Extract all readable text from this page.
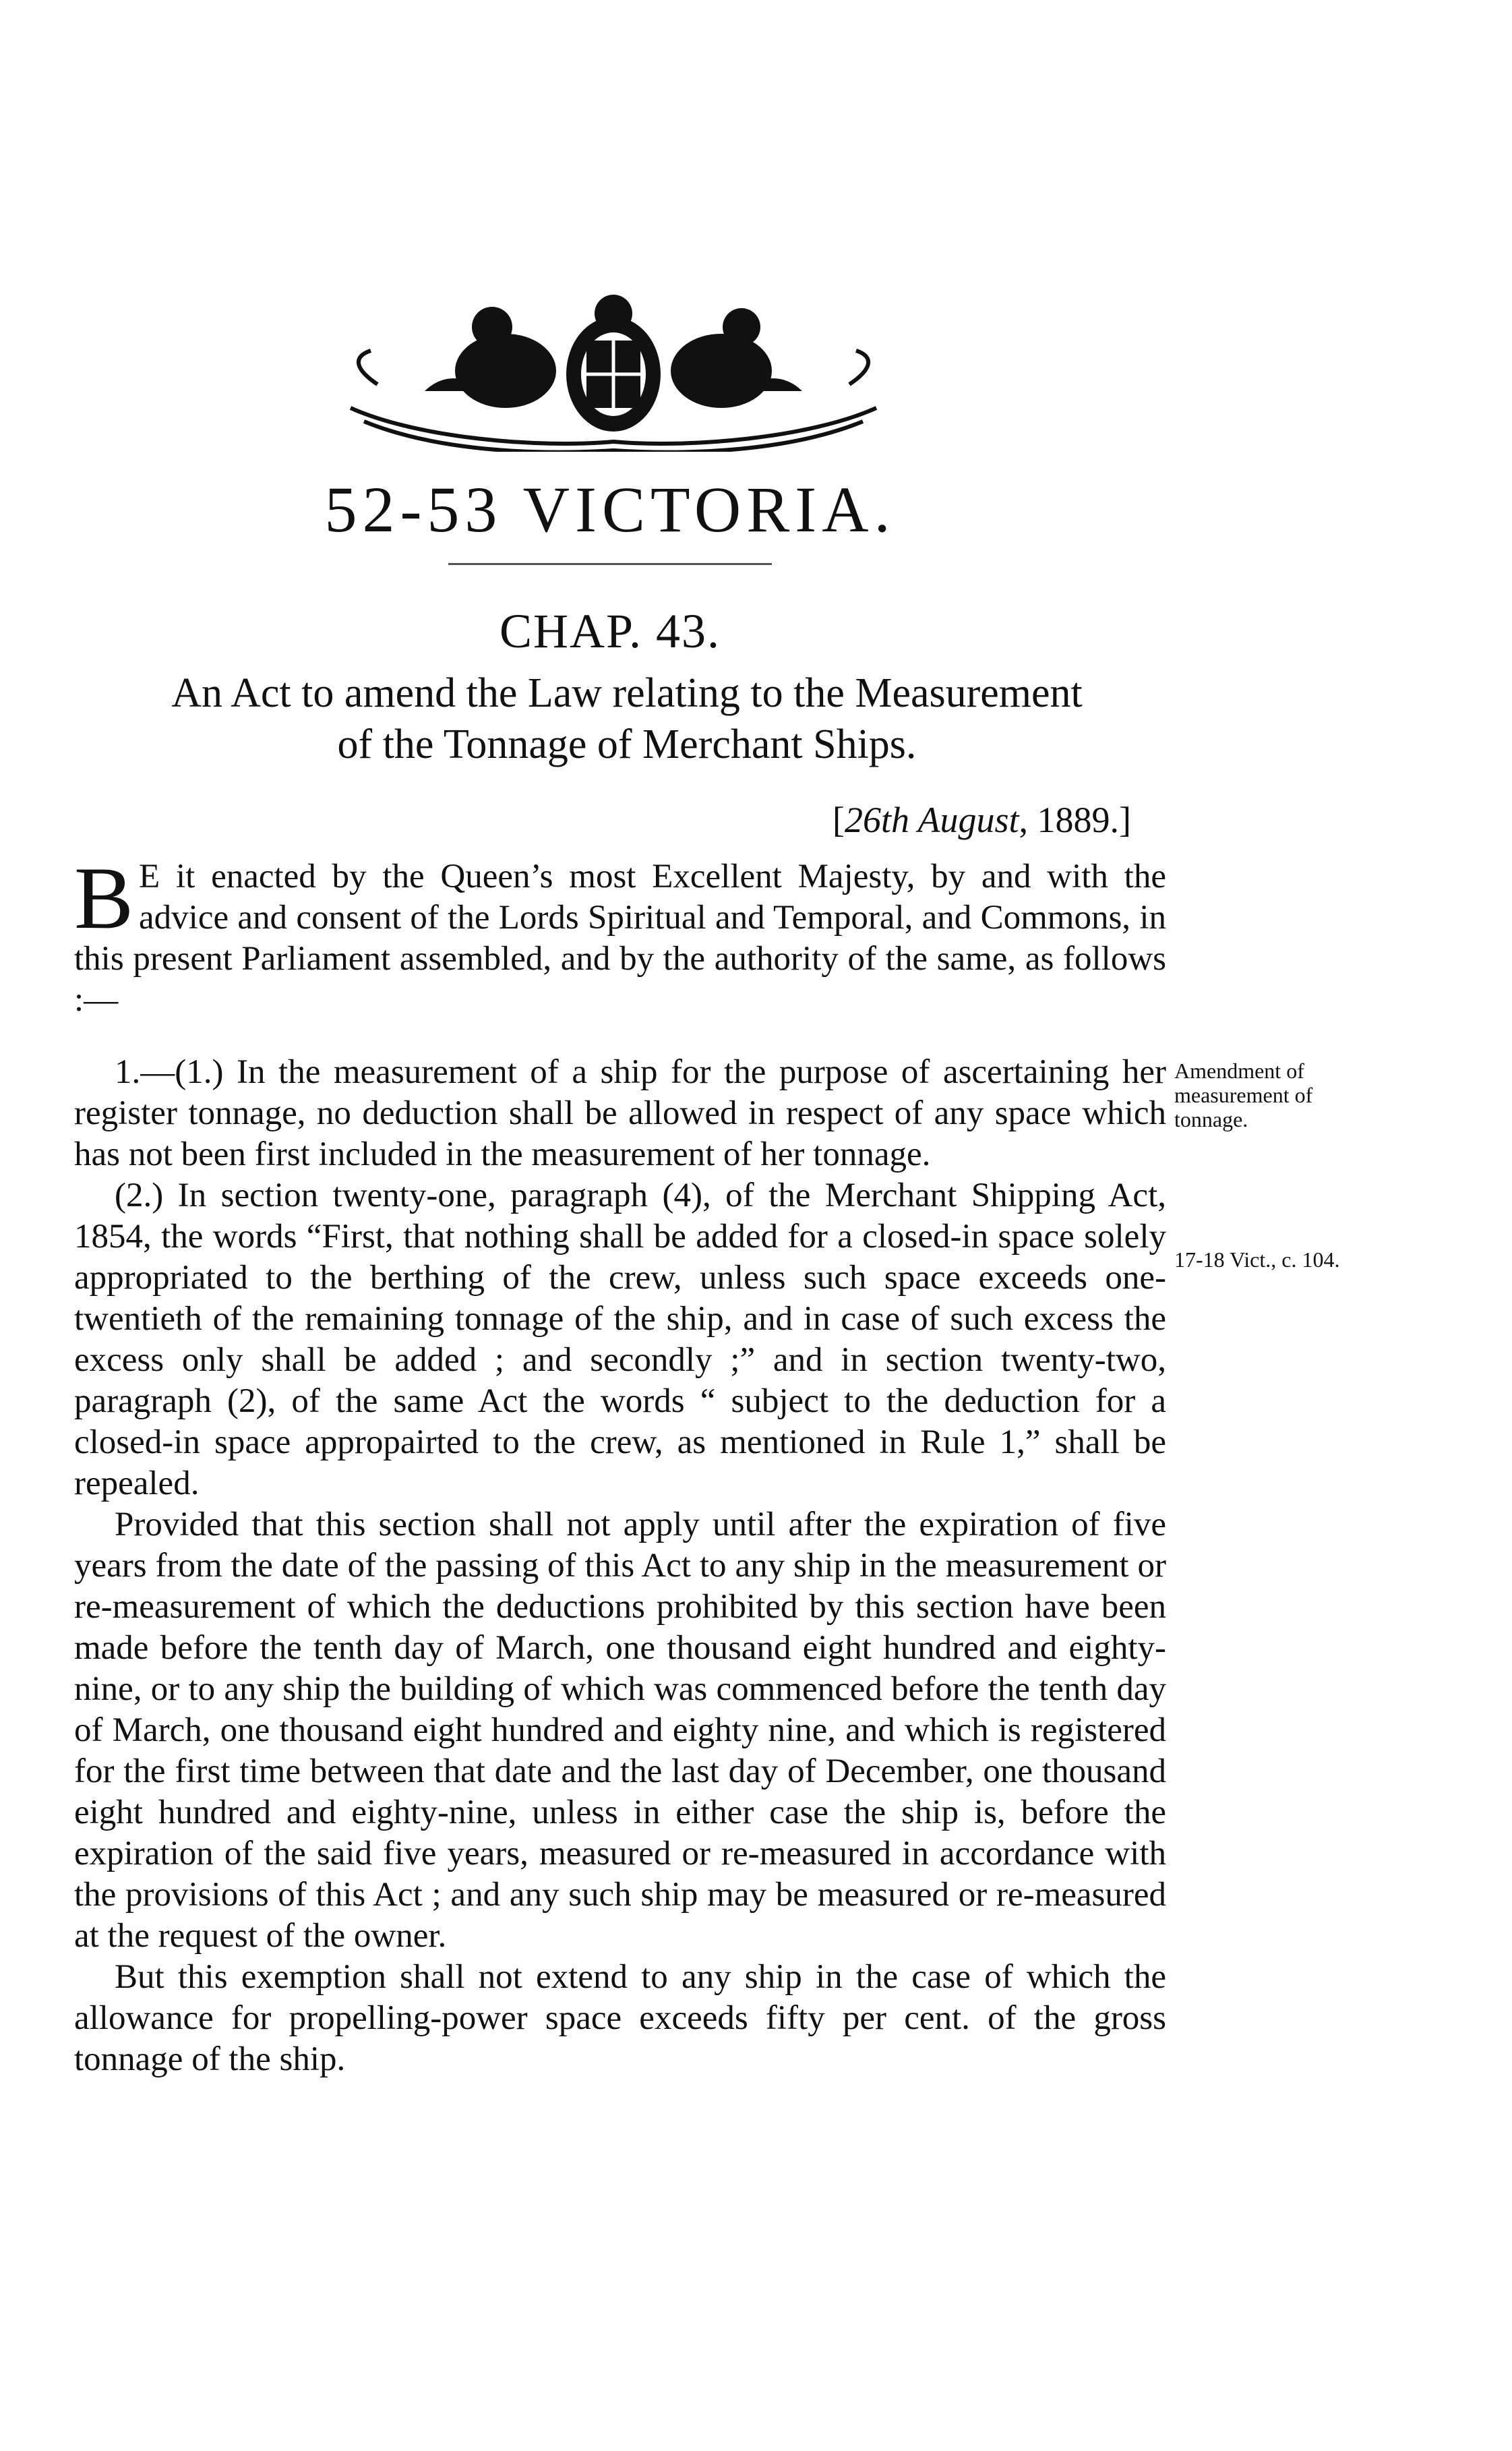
52-53 VICTORIA.
CHAP. 43.
An Act to amend the Law relating to the Measurement
of the Tonnage of Merchant Ships.
[26th August, 1889.]
B E it enacted by the Queen’s most Excellent Majesty, by and with the advice and consent of the Lords Spiritual and Temporal, and Commons, in this present Parliament assembled, and by the authority of the same, as follows :—

1.—(1.) In the measurement of a ship for the purpose of ascertaining her register tonnage, no deduction shall be allowed in respect of any space which has not been first included in the measurement of her tonnage.

(2.) In section twenty-one, paragraph (4), of the Merchant Shipping Act, 1854, the words “First, that nothing shall be added for a closed-in space solely appropriated to the berthing of the crew, unless such space exceeds one-twentieth of the remaining tonnage of the ship, and in case of such excess the excess only shall be added ; and secondly ;” and in section twenty-two, paragraph (2), of the same Act the words “ subject to the deduction for a closed-in space appropairted to the crew, as mentioned in Rule 1,” shall be repealed.

Provided that this section shall not apply until after the expiration of five years from the date of the passing of this Act to any ship in the measurement or re-measurement of which the deductions prohibited by this section have been made before the tenth day of March, one thousand eight hundred and eighty-nine, or to any ship the building of which was commenced before the tenth day of March, one thousand eight hundred and eighty nine, and which is registered for the first time between that date and the last day of December, one thousand eight hundred and eighty-nine, unless in either case the ship is, before the expiration of the said five years, measured or re-measured in accordance with the provisions of this Act ; and any such ship may be measured or re-measured at the request of the owner.

But this exemption shall not extend to any ship in the case of which the allowance for propelling-power space exceeds fifty per cent. of the gross tonnage of the ship.

Amendment of measurement of tonnage.
17-18 Vict., c. 104.
